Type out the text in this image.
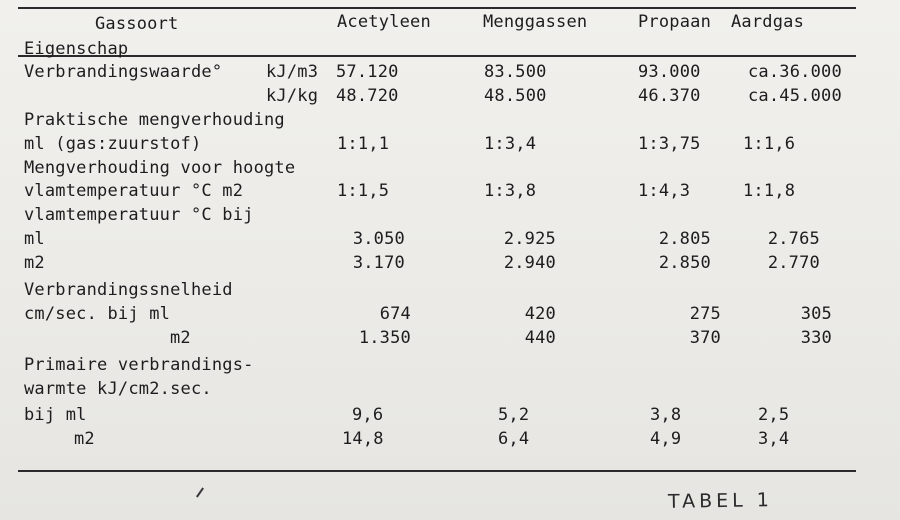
Gassoort
Eigenschap
Acetyleen	Menggassen	Propaan Aardgas
Verbrandingswaarde°	kJ/m3 57.120	83.500	93.000	ca.36.000
kJ/kg 48.720	48.500	46.370	ca.45.000
Praktische mengverhouding
ml (gas:zuurstof)	1:1,1	1:3,4	1:3,75 1:1,6
Mengverhouding voor hoogte
vlamtemperatuur °C m2	1:1,5	1:3,8	1:4,3	1:1,8
vlamtemperatuur °C bij
ml	3.050	2.925	2.805	2.765
m2	3.170	2.940	2.850	2.770
Verbrandingssnelheid
cm/sec. bij ml	674	420	275	305
m2	1.350	440	370	330
Primaire verbrandings-
warmte kJ/cm2.sec.
bij ml	9,6	5,2	3,8	2,5
m2	14,8	6,4	4,9	3,4
TABEL 1
